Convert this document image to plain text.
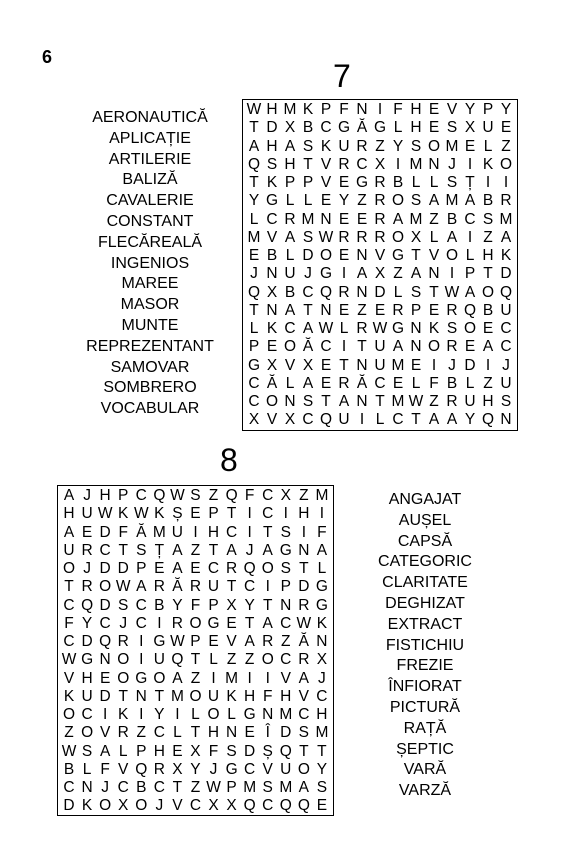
6
7
AERONAUTICĂ
APLICAȚIE
ARTILERIE
BALIZĂ
CAVALERIE
CONSTANT
FLECĂREALĂ
INGENIOS
MAREE
MASOR
MUNTE
REPREZENTANT
SAMOVAR
SOMBRERO
VOCABULAR
W H M K P F N I F H E V Y P Y
T D X B C G Ă G L H E S X U E
A H A S K U R Z Y S O M E L Z
Q S H T V R C X I M N J I K O
T K P P V E G R B L L S Ț I I
Y G L L E Y Z R O S A M A B R
L C R M N E E R A M Z B C S M
M V A S W R R R O X L A I Z A
E B L D O E N V G T V O L H K
J N U J G I A X Z A N I P T D
Q X B C Q R N D L S T W A O Q
T N A T N E Z E R P E R Q B U
L K C A W L R W G N K S O E C
P E O Ă C I T U A N O R E A C
G X V X E T N U M E I J D I J
C Ă L A E R Ă C E L F B L Z U
C O N S T A N T M W Z R U H S
X V X C Q U I L C T A A Y Q N
8
A J H P C Q W S Z Q F C X Z M
H U W K W K Ș E P T I C I H I
A E D F Ă M U I H C I T S I F
U R C T S Ț A Z T A J A G N A
O J D D P E A E C R Q O S T L
T R O W A R Ă R U T C I P D G
C Q D S C B Y F P X Y T N R G
F Y C J C I R O G E T A C W K
C D Q R I G W P E V A R Z Ă N
W G N O I U Q T L Z Z O C R X
V H E O G O A Z I M I I V A J
K U D T N T M O U K H F H V C
O C I K I Y I L O L G N M C H
Z O V R Z C L T H N E Î D S M
W S A L P H E X F S D Ș Q T T
B L F V Q R X Y J G C V U O Y
C N J C B C T Z W P M S M A S
D K O X O J V C X X Q C Q Q E
ANGAJAT
AUȘEL
CAPSĂ
CATEGORIC
CLARITATE
DEGHIZAT
EXTRACT
FISTICHIU
FREZIE
ÎNFIORAT
PICTURĂ
RAȚĂ
ȘEPTIC
VARĂ
VARZĂ
